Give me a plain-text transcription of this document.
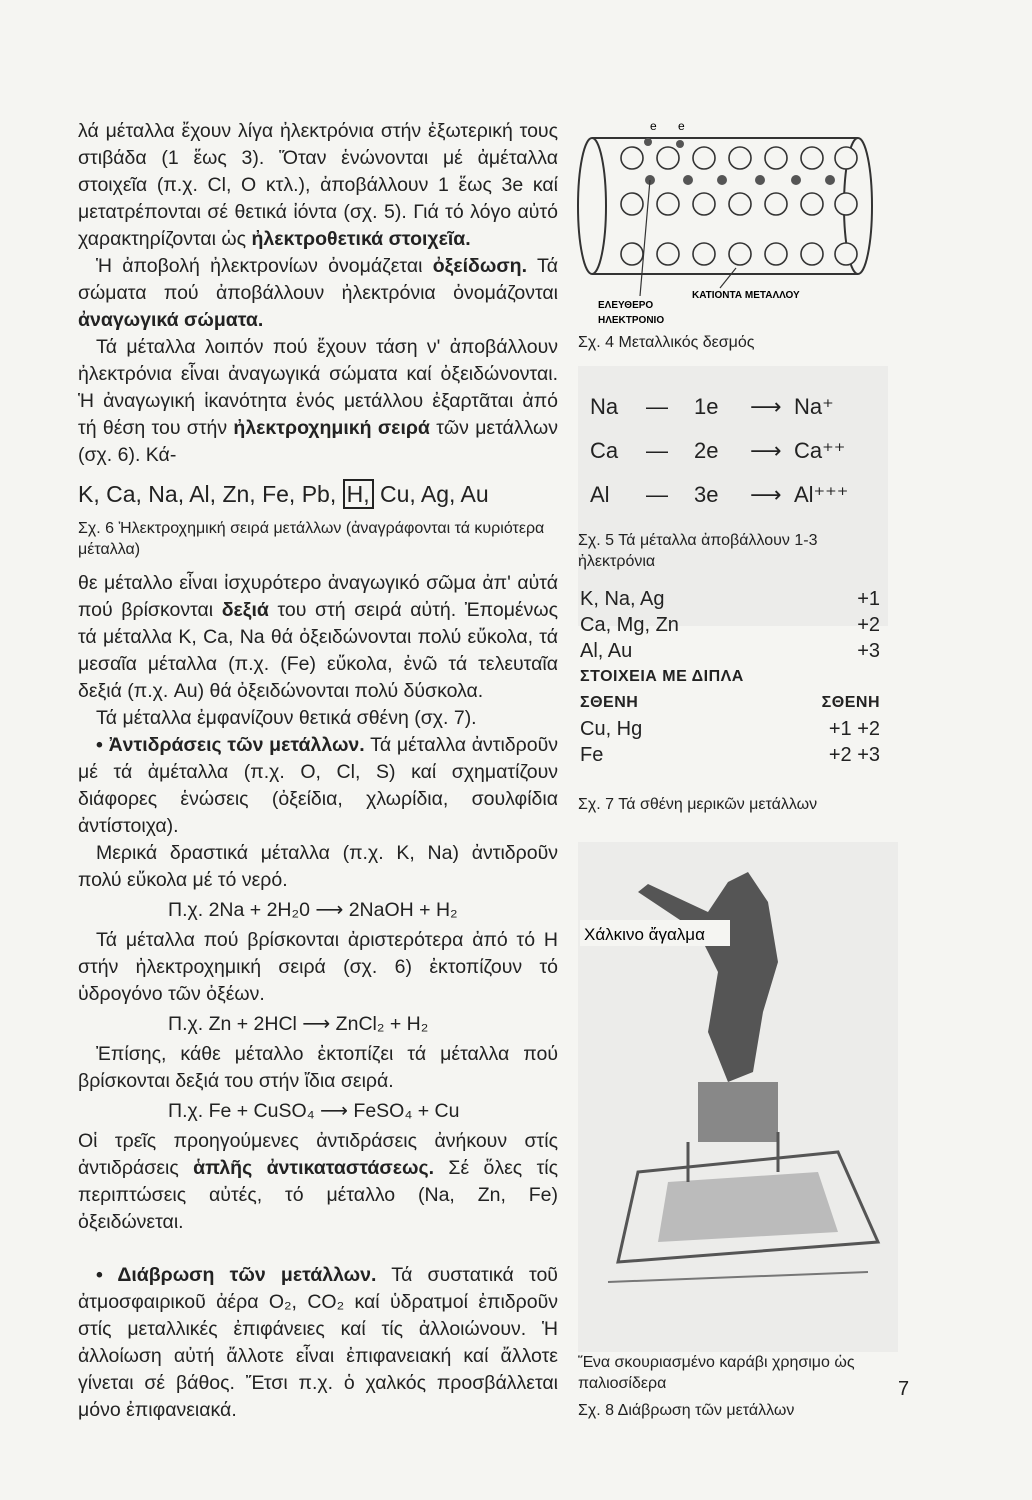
λά μέταλλα ἔχουν λίγα ἠλεκτρόνια στήν ἐξωτερική τους στιβάδα (1 ἕως 3). Ὅταν ἑνώνονται μέ ἀμέταλλα στοιχεῖα (π.χ. Cl, O κτλ.), ἀποβάλλουν 1 ἕως 3e καί μετατρέπονται σέ θετικά ἰόντα (σχ. 5). Γιά τό λόγο αὐτό χαρακτηρίζονται ὡς ἠλεκτροθετικά στοιχεῖα.

Ἡ ἀποβολή ἠλεκτρονίων ὀνομάζεται ὀξείδωση. Τά σώματα πού ἀποβάλλουν ἠλεκτρόνια ὀνομάζονται ἀναγωγικά σώματα.

Τά μέταλλα λοιπόν πού ἔχουν τάση ν' ἀποβάλλουν ἠλεκτρόνια εἶναι ἀναγωγικά σώματα καί ὀξειδώνονται. Ἡ ἀναγωγική ἱκανότητα ἑνός μετάλλου ἐξαρτᾶται ἀπό τή θέση του στήν ἠλεκτροχημική σειρά τῶν μετάλλων (σχ. 6). Κά-

K, Ca, Na, Al, Zn, Fe, Pb, H, Cu, Ag, Au
Σχ. 6 Ἠλεκτροχημική σειρά μετάλλων (ἀναγράφονται τά κυριότερα μέταλλα)

θε μέταλλο εἶναι ἰσχυρότερο ἀναγωγικό σῶμα ἀπ' αὐτά πού βρίσκονται δεξιά του στή σειρά αὐτή. Ἐπομένως τά μέταλλα K, Ca, Na θά ὀξειδώνονται πολύ εὔκολα, τά μεσαῖα μέταλλα (π.χ. (Fe) εὔκολα, ἐνῶ τά τελευταῖα δεξιά (π.χ. Au) θά ὀξειδώνονται πολύ δύσκολα.

Τά μέταλλα ἐμφανίζουν θετικά σθένη (σχ. 7).

• Ἀντιδράσεις τῶν μετάλλων. Τά μέταλλα ἀντιδροῦν μέ τά ἀμέταλλα (π.χ. O, Cl, S) καί σχηματίζουν διάφορες ἑνώσεις (ὀξείδια, χλωρίδια, σουλφίδια ἀντίστοιχα).

Μερικά δραστικά μέταλλα (π.χ. K, Na) ἀντιδροῦν πολύ εὔκολα μέ τό νερό.

Π.χ. 2Na + 2H₂0 ⟶ 2NaOH + H₂

Τά μέταλλα πού βρίσκονται ἀριστερότερα ἀπό τό H στήν ἠλεκτροχημική σειρά (σχ. 6) ἐκτοπίζουν τό ὑδρογόνο τῶν ὀξέων.

Π.χ. Zn + 2HCl ⟶ ZnCl₂ + H₂

Ἐπίσης, κάθε μέταλλο ἐκτοπίζει τά μέταλλα πού βρίσκονται δεξιά του στήν ἴδια σειρά.

Π.χ. Fe + CuSO₄ ⟶ FeSO₄ + Cu

Οἱ τρεῖς προηγούμενες ἀντιδράσεις ἀνήκουν στίς ἀντιδράσεις ἁπλῆς ἀντικαταστάσεως. Σέ ὅλες τίς περιπτώσεις αὐτές, τό μέταλλο (Na, Zn, Fe) ὀξειδώνεται.

• Διάβρωση τῶν μετάλλων. Τά συστατικά τοῦ ἀτμοσφαιρικοῦ ἀέρα O₂, CO₂ καί ὑδρατμοί ἐπιδροῦν στίς μεταλλικές ἐπιφάνειες καί τίς ἀλλοιώνουν. Ἡ ἀλλοίωση αὐτή ἄλλοτε εἶναι ἐπιφανειακή καί ἄλλοτε γίνεται σέ βάθος. Ἔτσι π.χ. ὁ χαλκός προσβάλλεται μόνο ἐπιφανειακά.

e e
ΚΑΤΙΟΝΤΑ ΜΕΤΑΛΛΟΥ
ΕΛΕΥΘΕΡΟ
ΗΛΕΚΤΡΟΝΙΟ
Σχ. 4 Μεταλλικός δεσμός
Na — 1e ⟶ Na⁺
Ca — 2e ⟶ Ca⁺⁺
Al — 3e ⟶ Al⁺⁺⁺
Σχ. 5 Τά μέταλλα ἀποβάλλουν 1-3 ἠλεκτρόνια
K, Na, Ag	+1
Ca, Mg, Zn	+2
Al, Au	+3
ΣΤΟΙΧΕΙΑ ΜΕ ΔΙΠΛΑ
ΣΘΕΝΗ	ΣΘΕΝΗ
Cu, Hg	+1 +2
Fe	+2 +3
Σχ. 7 Τά σθένη μερικῶν μετάλλων
Χάλκινο ἄγαλμα
Ἕνα σκουριασμένο καράβι χρησιμο ὡς παλιοσίδερα
Σχ. 8 Διάβρωση τῶν μετάλλων
7
